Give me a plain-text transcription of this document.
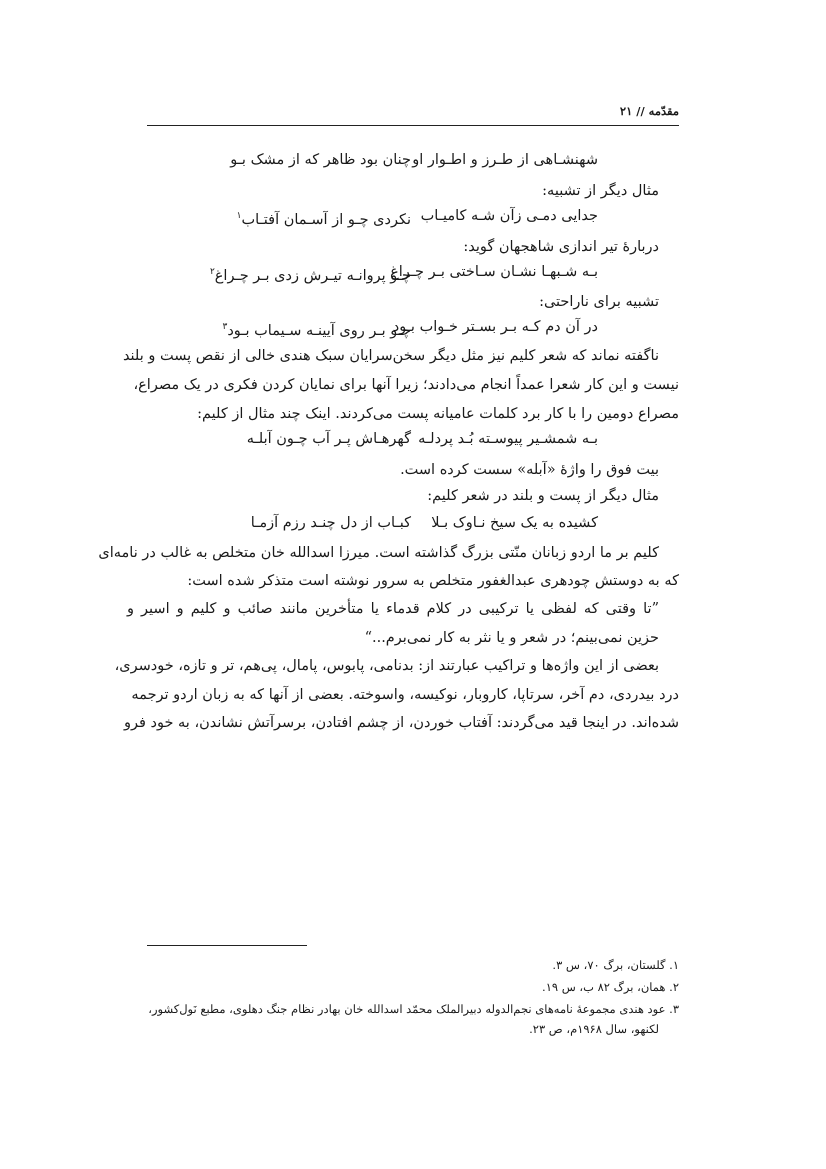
مقدّمه // ۲۱
شهنشـاهی از طـرز و اطـوار او
چنان بود ظاهر که از مشک بـو
مثال دیگر از تشبیه:
جدایی دمـی زآن شـه کامیـاب
نکردی چـو از آسـمان آفتـاب$^۱$
دربارهٔ تیر اندازی شاهجهان گوید:
بـه شـبهـا نشـان سـاختی بـر چـراغ
چـو پروانـه تیـرش زدی بـر چـراغ$^۲$
تشبیه برای ناراحتی:
در آن دم کـه بـر بسـتر خـواب بـود
چـو بـر روی آیینـه سـیماب بـود$^۳$
ناگفته نماند که شعر کلیم نیز مثل دیگر سخن‌سرایان سبک هندی خالی از نقص پست و بلند
نیست و این کار شعرا عمداً انجام می‌دادند؛ زیرا آنها برای نمایان کردن فکری در یک مصراع،
مصراع دومین را با کار برد کلمات عامیانه پست می‌کردند. اینک چند مثال از کلیم:
بـه شمشـیر پیوسـته بُـد پردلـه
گهرهـاش پـر آب چـون آبلـه
بیت فوق را واژهٔ «آبله» سست کرده است.
مثال دیگر از پست و بلند در شعر کلیم:
کشیده به یک سیخ نـاوک بـلا
کبـاب از دل چنـد رزم آزمـا
کلیم بر ما اردو زبانان منّتی بزرگ گذاشته است. میرزا اسدالله خان متخلص به غالب در نامه‌ای
که به دوستش چودهری عبدالغفور متخلص به سرور نوشته است متذکر شده است:
”تا وقتی که لفظی یا ترکیبی در کلام قدماء یا متأخرین مانند صائب و کلیم و اسیر و
حزین نمی‌بینم؛ در شعر و یا نثر به کار نمی‌برم...“
بعضی از این واژه‌ها و تراکیب عبارتند از: بدنامی، پابوس، پامال، پی‌هم، تر و تازه، خودسری،
درد بیدردی، دم آخر، سرتاپا، کاروبار، نوکیسه، واسوخته. بعضی از آنها که به زبان اردو ترجمه
شده‌اند. در اینجا قید می‌گردند: آفتاب خوردن، از چشم افتادن، برسرآتش نشاندن، به خود فرو
۱. گلستان، برگ ۷۰، س ۳.
۲. همان، برگ ۸۲ ب، س ۱۹.
۳. عود هندی مجموعهٔ نامه‌های نجم‌الدوله دبیرالملک محمّد اسدالله خان بهادر نظام جنگ دهلوی، مطبع نَول‌کشور،
لکنهو، سال ۱۹۶۸م، ص ۲۳.
